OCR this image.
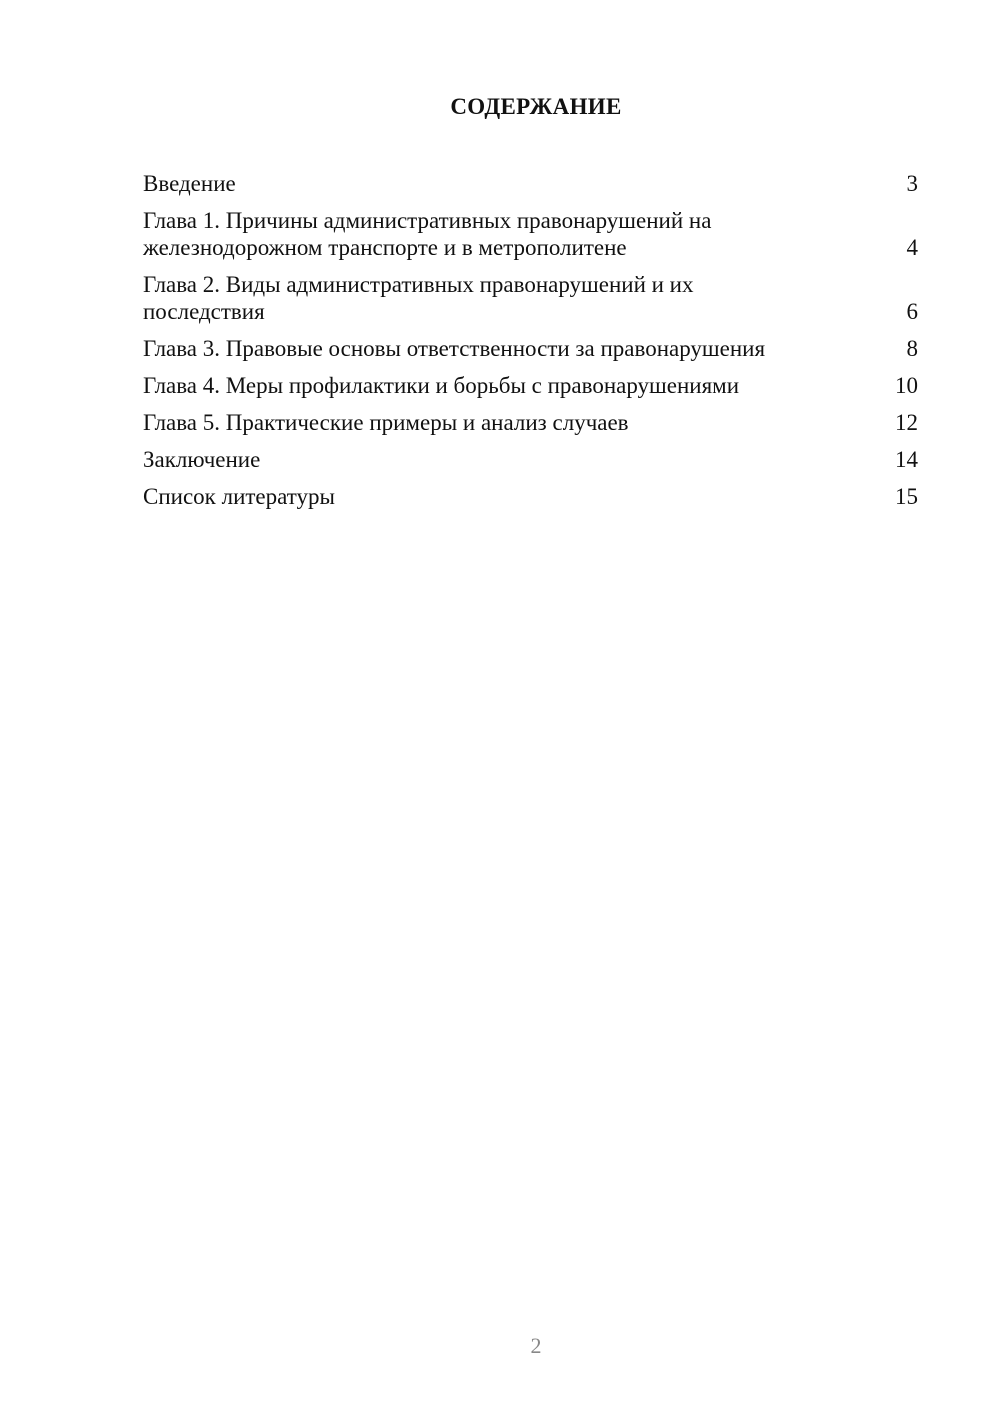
СОДЕРЖАНИЕ
Введение	3
Глава 1. Причины административных правонарушений на железнодорожном транспорте и в метрополитене	4
Глава 2. Виды административных правонарушений и их последствия	6
Глава 3. Правовые основы ответственности за правонарушения	8
Глава 4. Меры профилактики и борьбы с правонарушениями	10
Глава 5. Практические примеры и анализ случаев	12
Заключение	14
Список литературы	15
2
